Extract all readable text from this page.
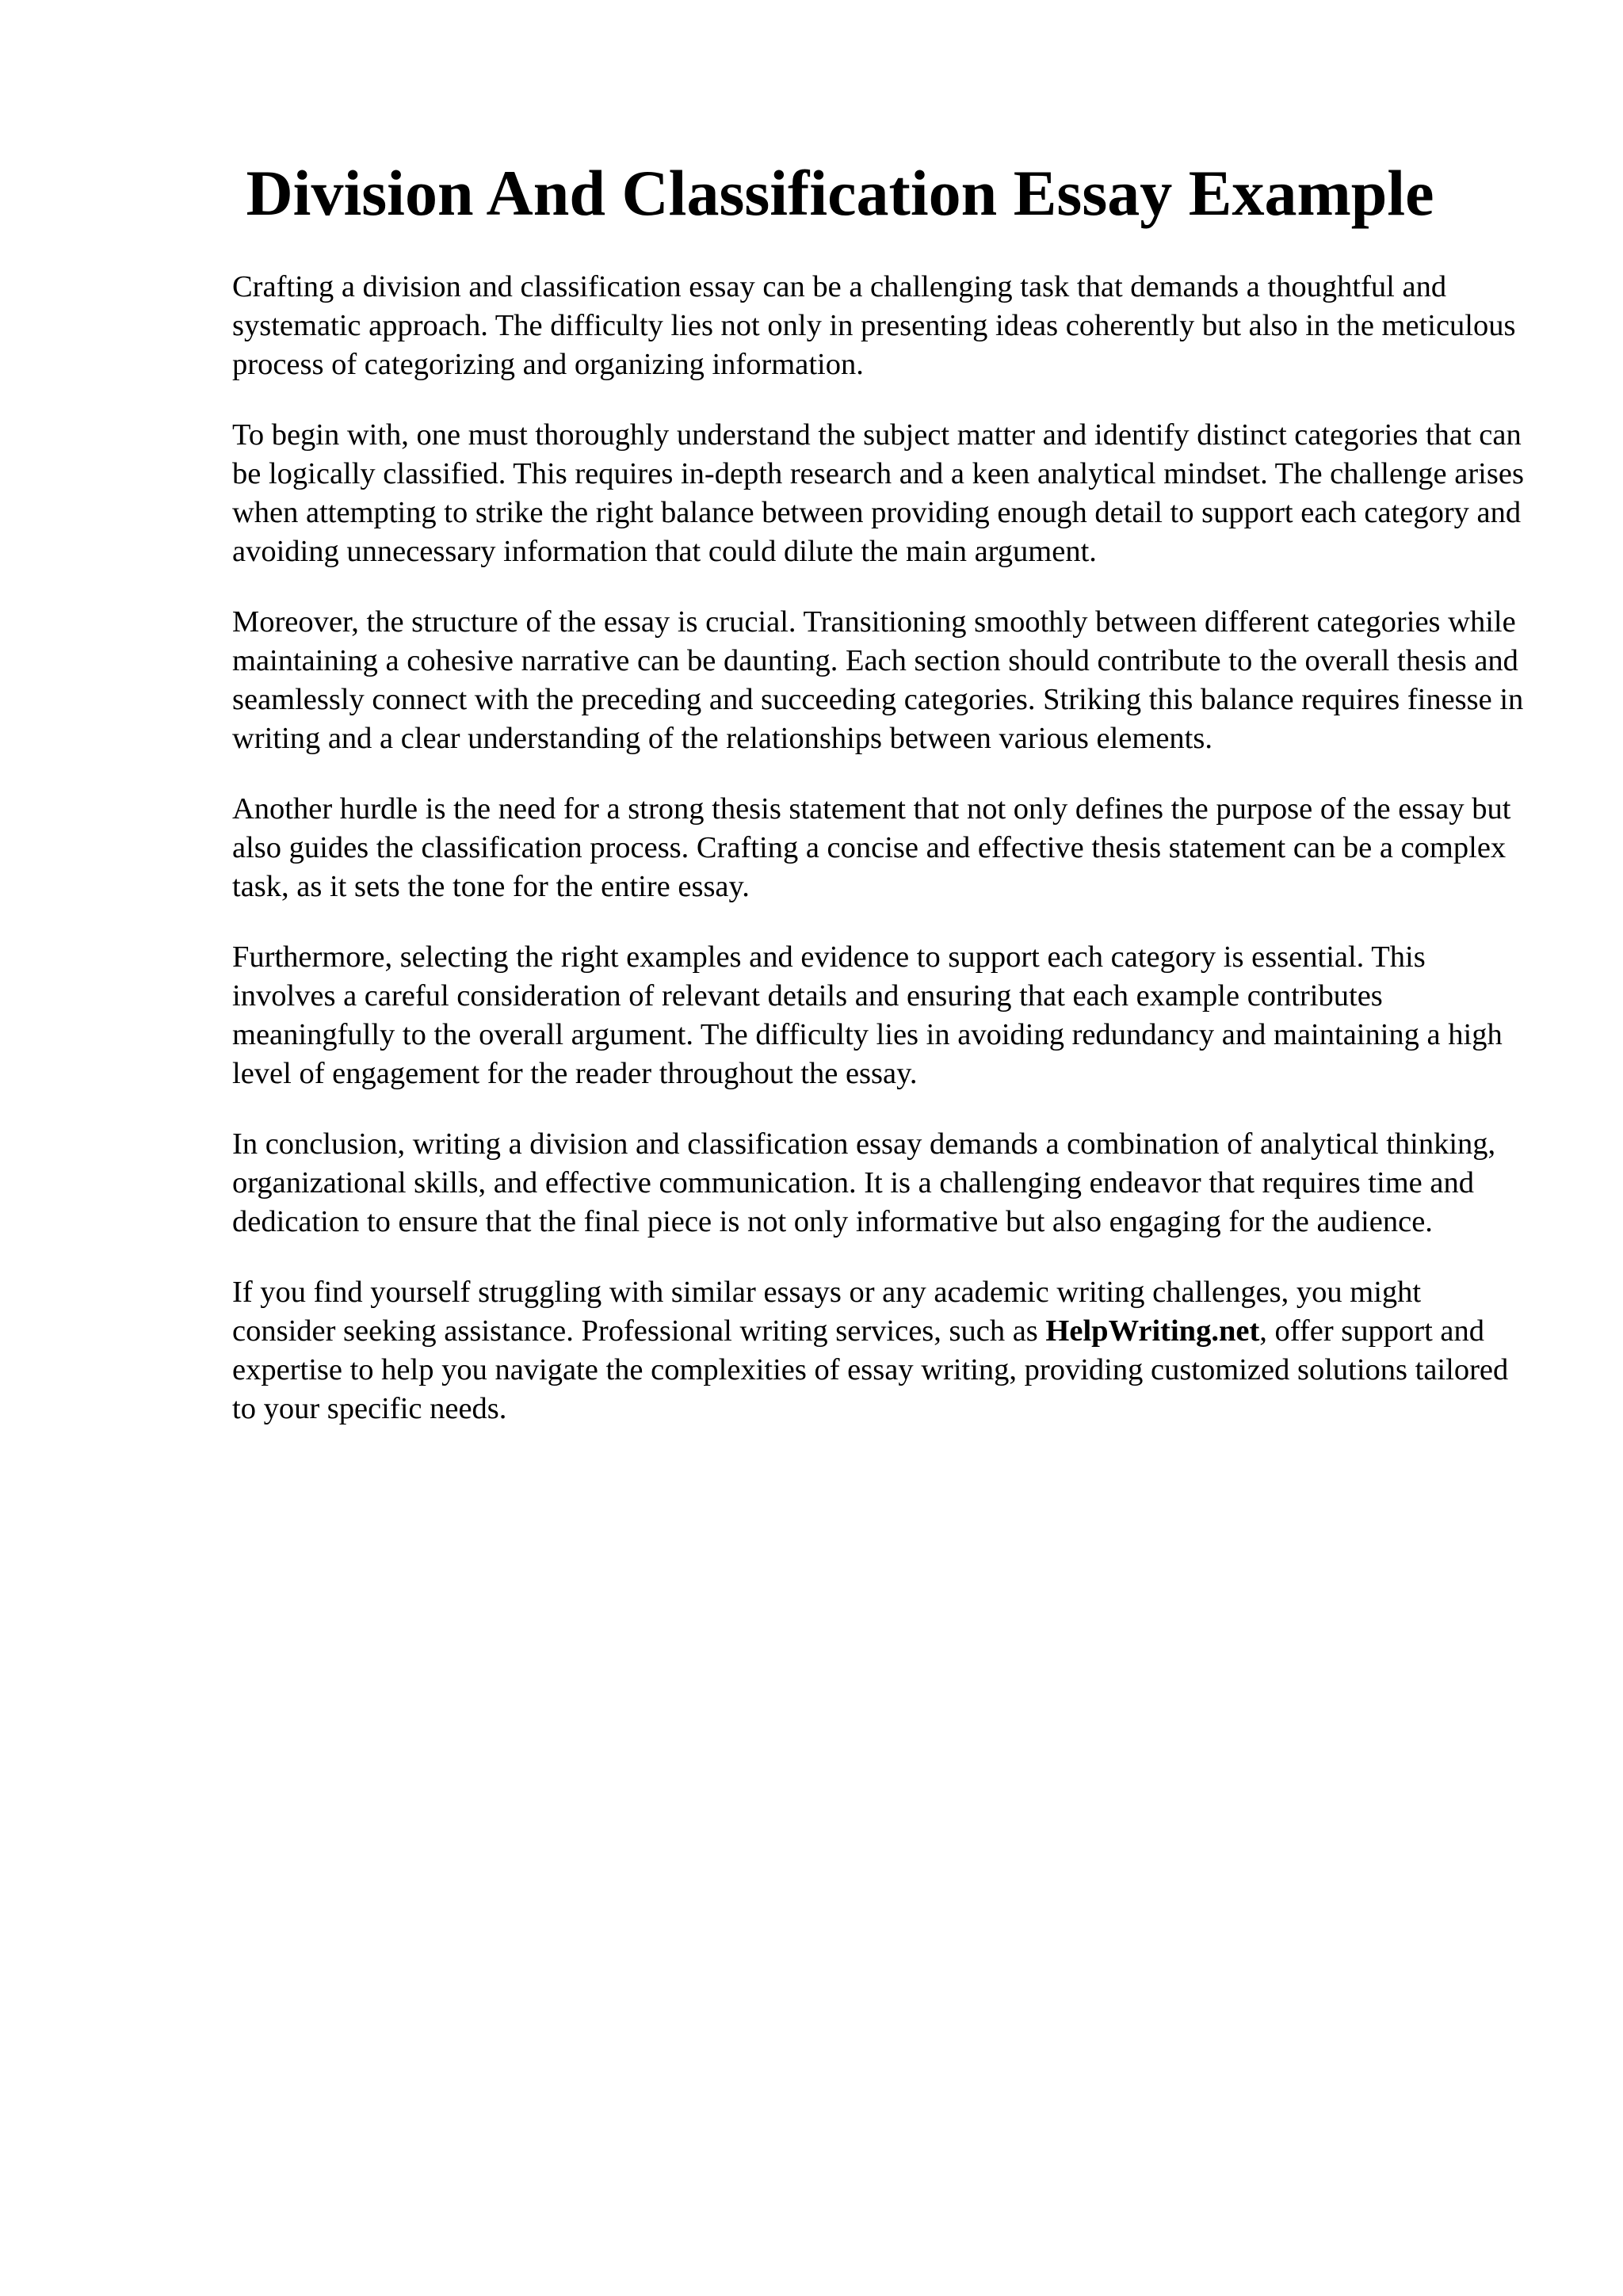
Division And Classification Essay Example

Crafting a division and classification essay can be a challenging task that demands a thoughtful and systematic approach. The difficulty lies not only in presenting ideas coherently but also in the meticulous process of categorizing and organizing information.

To begin with, one must thoroughly understand the subject matter and identify distinct categories that can be logically classified. This requires in-depth research and a keen analytical mindset. The challenge arises when attempting to strike the right balance between providing enough detail to support each category and avoiding unnecessary information that could dilute the main argument.

Moreover, the structure of the essay is crucial. Transitioning smoothly between different categories while maintaining a cohesive narrative can be daunting. Each section should contribute to the overall thesis and seamlessly connect with the preceding and succeeding categories. Striking this balance requires finesse in writing and a clear understanding of the relationships between various elements.

Another hurdle is the need for a strong thesis statement that not only defines the purpose of the essay but also guides the classification process. Crafting a concise and effective thesis statement can be a complex task, as it sets the tone for the entire essay.

Furthermore, selecting the right examples and evidence to support each category is essential. This involves a careful consideration of relevant details and ensuring that each example contributes meaningfully to the overall argument. The difficulty lies in avoiding redundancy and maintaining a high level of engagement for the reader throughout the essay.

In conclusion, writing a division and classification essay demands a combination of analytical thinking, organizational skills, and effective communication. It is a challenging endeavor that requires time and dedication to ensure that the final piece is not only informative but also engaging for the audience.

If you find yourself struggling with similar essays or any academic writing challenges, you might consider seeking assistance. Professional writing services, such as HelpWriting.net, offer support and expertise to help you navigate the complexities of essay writing, providing customized solutions tailored to your specific needs.
